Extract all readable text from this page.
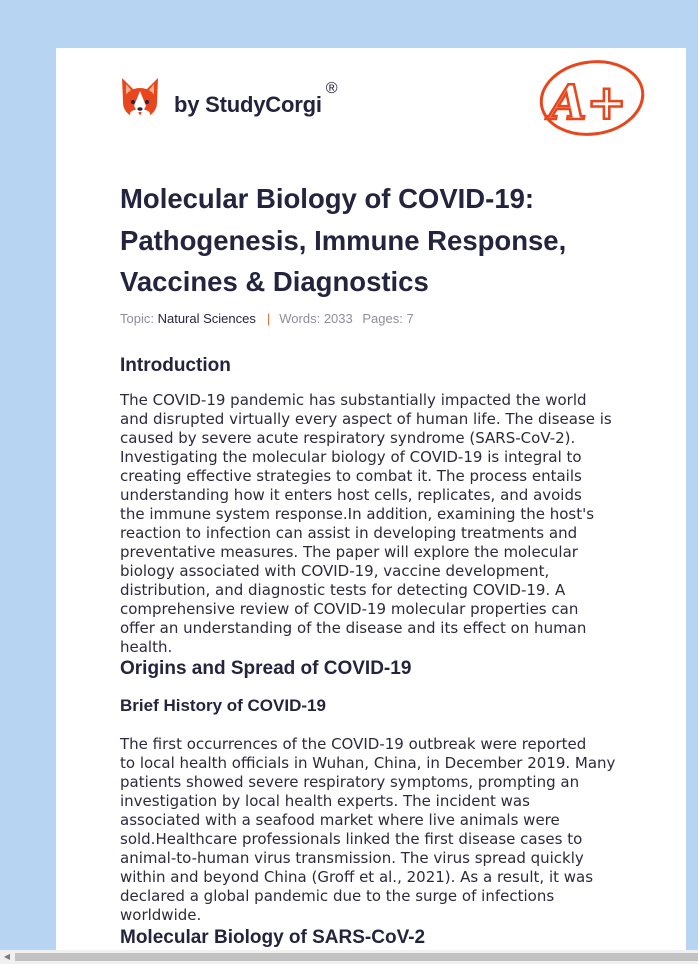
by StudyCorgi
®	A+
Molecular Biology of COVID-19:
Pathogenesis, Immune Response,
Vaccines & Diagnostics
Topic: Natural Sciences | Words: 2033 Pages: 7
Introduction
The COVID-19 pandemic has substantially impacted the world
and disrupted virtually every aspect of human life. The disease is
caused by severe acute respiratory syndrome (SARS-CoV-2).
Investigating the molecular biology of COVID-19 is integral to
creating effective strategies to combat it. The process entails
understanding how it enters host cells, replicates, and avoids
the immune system response.In addition, examining the host's
reaction to infection can assist in developing treatments and
preventative measures. The paper will explore the molecular
biology associated with COVID-19, vaccine development,
distribution, and diagnostic tests for detecting COVID-19. A
comprehensive review of COVID-19 molecular properties can
offer an understanding of the disease and its effect on human
health.
Origins and Spread of COVID-19
Brief History of COVID-19
The first occurrences of the COVID-19 outbreak were reported
to local health officials in Wuhan, China, in December 2019. Many
patients showed severe respiratory symptoms, prompting an
investigation by local health experts. The incident was
associated with a seafood market where live animals were
sold.Healthcare professionals linked the first disease cases to
animal-to-human virus transmission. The virus spread quickly
within and beyond China (Groff et al., 2021). As a result, it was
declared a global pandemic due to the surge of infections
worldwide.
Molecular Biology of SARS-CoV-2
◀
